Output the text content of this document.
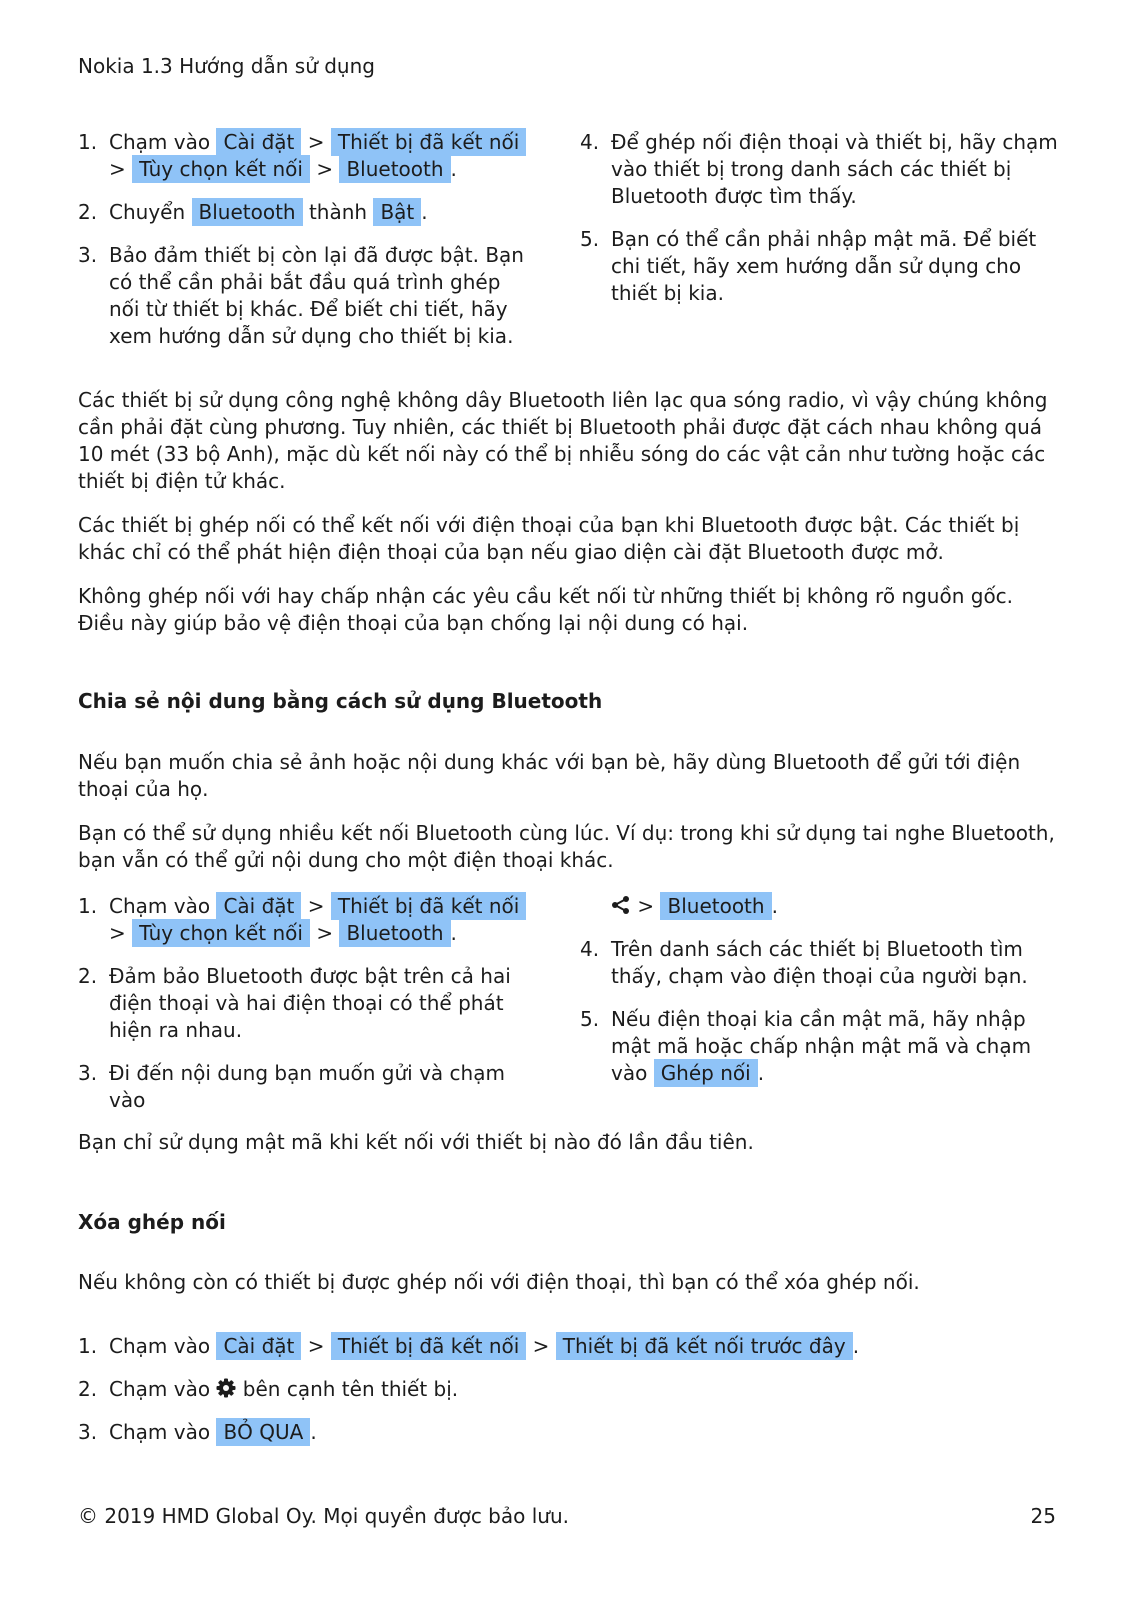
Nokia 1.3 Hướng dẫn sử dụng
1. Chạm vào Cài đặt > Thiết bị đã kết nối > Tùy chọn kết nối > Bluetooth .
2. Chuyển Bluetooth thành Bật .
3. Bảo đảm thiết bị còn lại đã được bật. Bạn có thể cần phải bắt đầu quá trình ghép nối từ thiết bị khác. Để biết chi tiết, hãy xem hướng dẫn sử dụng cho thiết bị kia.
4. Để ghép nối điện thoại và thiết bị, hãy chạm vào thiết bị trong danh sách các thiết bị Bluetooth được tìm thấy.
5. Bạn có thể cần phải nhập mật mã. Để biết chi tiết, hãy xem hướng dẫn sử dụng cho thiết bị kia.

Các thiết bị sử dụng công nghệ không dây Bluetooth liên lạc qua sóng radio, vì vậy chúng không cần phải đặt cùng phương. Tuy nhiên, các thiết bị Bluetooth phải được đặt cách nhau không quá 10 mét (33 bộ Anh), mặc dù kết nối này có thể bị nhiễu sóng do các vật cản như tường hoặc các thiết bị điện tử khác.

Các thiết bị ghép nối có thể kết nối với điện thoại của bạn khi Bluetooth được bật. Các thiết bị khác chỉ có thể phát hiện điện thoại của bạn nếu giao diện cài đặt Bluetooth được mở.

Không ghép nối với hay chấp nhận các yêu cầu kết nối từ những thiết bị không rõ nguồn gốc. Điều này giúp bảo vệ điện thoại của bạn chống lại nội dung có hại.

Chia sẻ nội dung bằng cách sử dụng Bluetooth

Nếu bạn muốn chia sẻ ảnh hoặc nội dung khác với bạn bè, hãy dùng Bluetooth để gửi tới điện thoại của họ.

Bạn có thể sử dụng nhiều kết nối Bluetooth cùng lúc. Ví dụ: trong khi sử dụng tai nghe Bluetooth, bạn vẫn có thể gửi nội dung cho một điện thoại khác.

1. Chạm vào Cài đặt > Thiết bị đã kết nối > Tùy chọn kết nối > Bluetooth .
2. Đảm bảo Bluetooth được bật trên cả hai điện thoại và hai điện thoại có thể phát hiện ra nhau.
3. Đi đến nội dung bạn muốn gửi và chạm vào
> Bluetooth .
4. Trên danh sách các thiết bị Bluetooth tìm thấy, chạm vào điện thoại của người bạn.
5. Nếu điện thoại kia cần mật mã, hãy nhập mật mã hoặc chấp nhận mật mã và chạm vào Ghép nối .

Bạn chỉ sử dụng mật mã khi kết nối với thiết bị nào đó lần đầu tiên.

Xóa ghép nối

Nếu không còn có thiết bị được ghép nối với điện thoại, thì bạn có thể xóa ghép nối.

1. Chạm vào Cài đặt > Thiết bị đã kết nối > Thiết bị đã kết nối trước đây .
2. Chạm vào bên cạnh tên thiết bị.
3. Chạm vào BỎ QUA .
© 2019 HMD Global Oy. Mọi quyền được bảo lưu.	25
